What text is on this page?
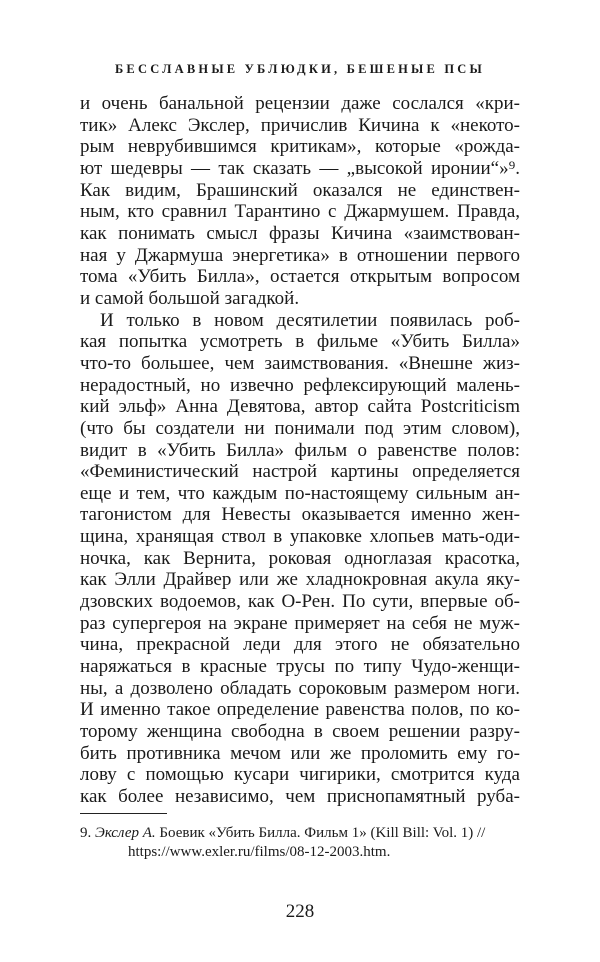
БЕССЛАВНЫЕ УБЛЮДКИ, БЕШЕНЫЕ ПСЫ
и очень банальной рецензии даже сослался «кри-
тик» Алекс Экслер, причислив Кичина к «некото-
рым неврубившимся критикам», которые «рожда-
ют шедевры — так сказать — „высокой иронии“»⁹.
Как видим, Брашинский оказался не единствен-
ным, кто сравнил Тарантино с Джармушем. Правда,
как понимать смысл фразы Кичина «заимствован-
ная у Джармуша энергетика» в отношении первого
тома «Убить Билла», остается открытым вопросом
и самой большой загадкой.
И только в новом десятилетии появилась роб-
кая попытка усмотреть в фильме «Убить Билла»
что-то большее, чем заимствования. «Внешне жиз-
нерадостный, но извечно рефлексирующий малень-
кий эльф» Анна Девятова, автор сайта Postcriticism
(что бы создатели ни понимали под этим словом),
видит в «Убить Билла» фильм о равенстве полов:
«Феминистический настрой картины определяется
еще и тем, что каждым по-настоящему сильным ан-
тагонистом для Невесты оказывается именно жен-
щина, хранящая ствол в упаковке хлопьев мать-оди-
ночка, как Вернита, роковая одноглазая красотка,
как Элли Драйвер или же хладнокровная акула яку-
дзовских водоемов, как О-Рен. По сути, впервые об-
раз супергероя на экране примеряет на себя не муж-
чина, прекрасной леди для этого не обязательно
наряжаться в красные трусы по типу Чудо-женщи-
ны, а дозволено обладать сороковым размером ноги.
И именно такое определение равенства полов, по ко-
торому женщина свободна в своем решении разру-
бить противника мечом или же проломить ему го-
лову с помощью кусари чигирики, смотрится куда
как более независимо, чем приснопамятный руба-
9. Экслер А. Боевик «Убить Билла. Фильм 1» (Kill Bill: Vol. 1) //
https://www.exler.ru/films/08-12-2003.htm.
228
